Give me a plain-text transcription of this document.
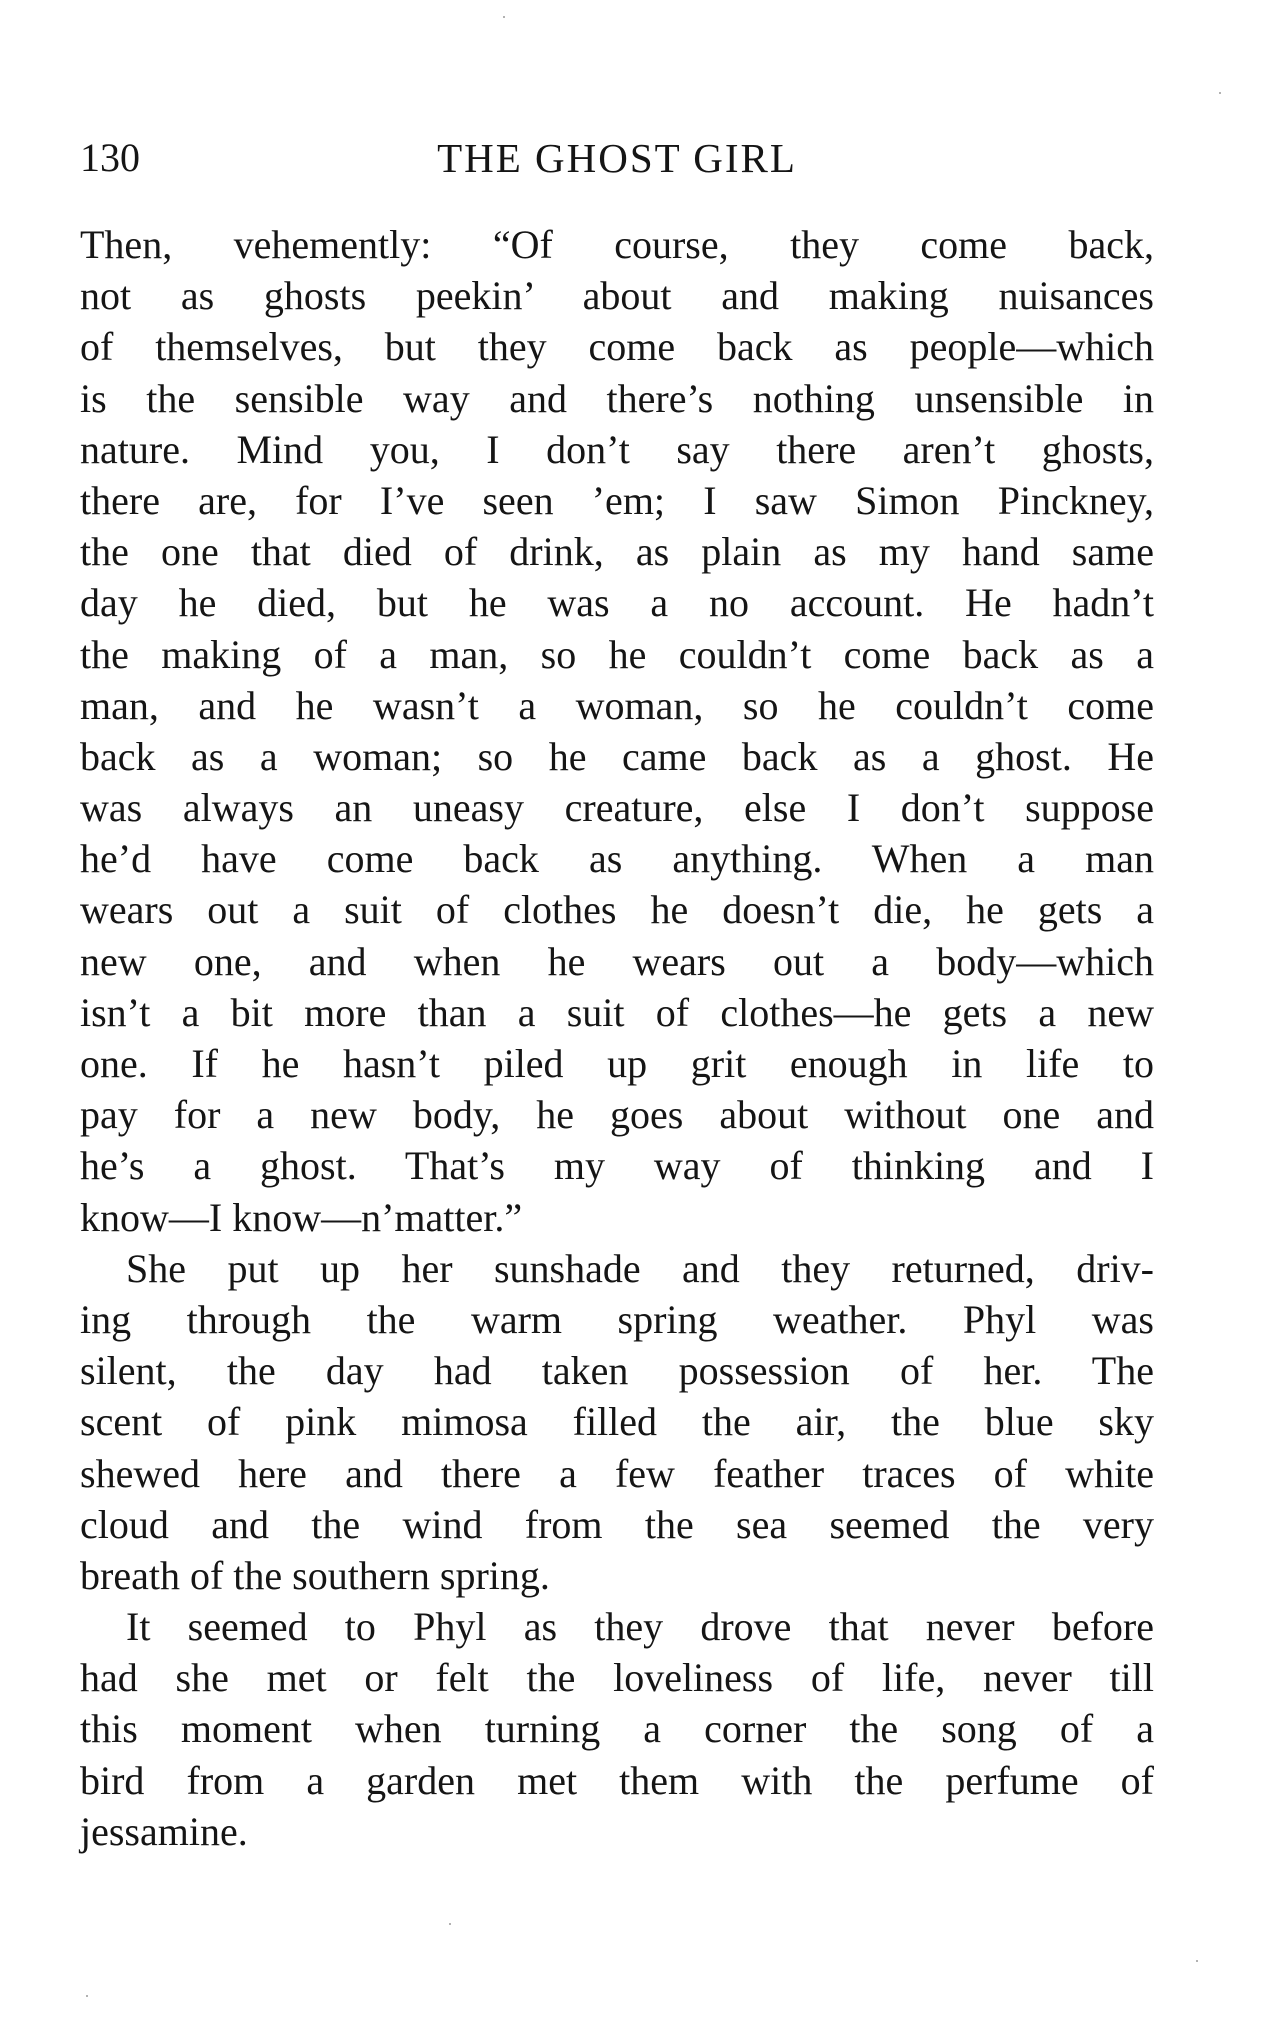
130	THE GHOST GIRL
Then, vehemently: “Of course, they come back,
not as ghosts peekin’ about and making nuisances
of themselves, but they come back as people—which
is the sensible way and there’s nothing unsensible in
nature. Mind you, I don’t say there aren’t ghosts,
there are, for I’ve seen ’em; I saw Simon Pinckney,
the one that died of drink, as plain as my hand same
day he died, but he was a no account. He hadn’t
the making of a man, so he couldn’t come back as a
man, and he wasn’t a woman, so he couldn’t come
back as a woman; so he came back as a ghost. He
was always an uneasy creature, else I don’t suppose
he’d have come back as anything. When a man
wears out a suit of clothes he doesn’t die, he gets a
new one, and when he wears out a body—which
isn’t a bit more than a suit of clothes—he gets a new
one. If he hasn’t piled up grit enough in life to
pay for a new body, he goes about without one and
he’s a ghost. That’s my way of thinking and I
know—I know—n’matter.”
She put up her sunshade and they returned, driv-
ing through the warm spring weather. Phyl was
silent, the day had taken possession of her. The
scent of pink mimosa filled the air, the blue sky
shewed here and there a few feather traces of white
cloud and the wind from the sea seemed the very
breath of the southern spring.
It seemed to Phyl as they drove that never before
had she met or felt the loveliness of life, never till
this moment when turning a corner the song of a
bird from a garden met them with the perfume of
jessamine.
